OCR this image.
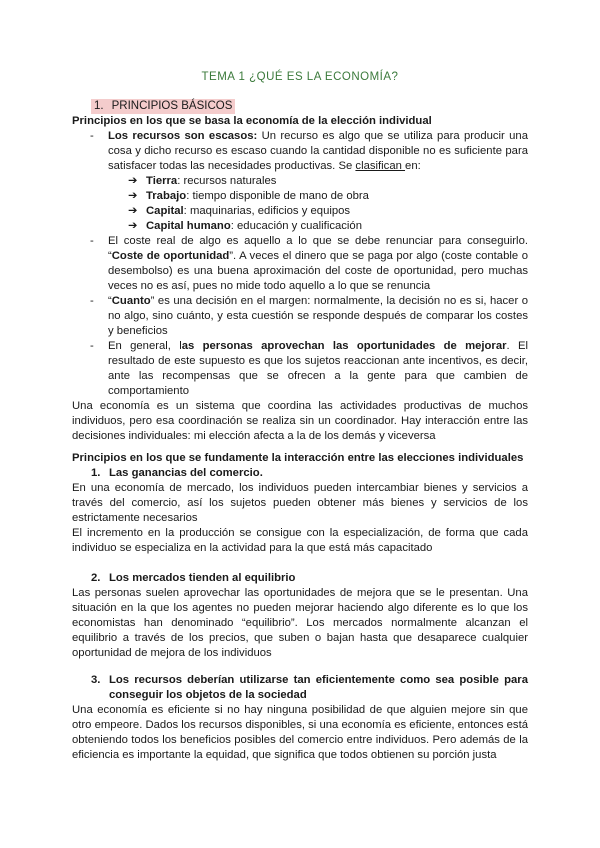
TEMA 1 ¿QUÉ ES LA ECONOMÍA?
1. PRINCIPIOS BÁSICOS
Principios en los que se basa la economía de la elección individual
- Los recursos son escasos: Un recurso es algo que se utiliza para producir una
cosa y dicho recurso es escaso cuando la cantidad disponible no es suficiente para
satisfacer todas las necesidades productivas. Se clasifican en:
➔ Tierra: recursos naturales
➔ Trabajo: tiempo disponible de mano de obra
➔ Capital: maquinarias, edificios y equipos
➔ Capital humano: educación y cualificación
- El coste real de algo es aquello a lo que se debe renunciar para conseguirlo. “Coste de oportunidad”. A veces el dinero que se paga por algo (coste contable o desembolso) es una buena aproximación del coste de oportunidad, pero muchas veces no es así, pues no mide todo aquello a lo que se renuncia
- “Cuanto” es una decisión en el margen: normalmente, la decisión no es si, hacer o no algo, sino cuánto, y esta cuestión se responde después de comparar los costes y beneficios
- En general, las personas aprovechan las oportunidades de mejorar. El resultado de este supuesto es que los sujetos reaccionan ante incentivos, es decir, ante las recompensas que se ofrecen a la gente para que cambien de comportamiento
Una economía es un sistema que coordina las actividades productivas de muchos individuos, pero esa coordinación se realiza sin un coordinador. Hay interacción entre las decisiones individuales: mi elección afecta a la de los demás y viceversa
Principios en los que se fundamente la interacción entre las elecciones individuales
1. Las ganancias del comercio.
En una economía de mercado, los individuos pueden intercambiar bienes y servicios a través del comercio, así los sujetos pueden obtener más bienes y servicios de los estrictamente necesarios
El incremento en la producción se consigue con la especialización, de forma que cada individuo se especializa en la actividad para la que está más capacitado
2. Los mercados tienden al equilibrio
Las personas suelen aprovechar las oportunidades de mejora que se le presentan. Una situación en la que los agentes no pueden mejorar haciendo algo diferente es lo que los economistas han denominado “equilibrio”. Los mercados normalmente alcanzan el equilibrio a través de los precios, que suben o bajan hasta que desaparece cualquier oportunidad de mejora de los individuos
3. Los recursos deberían utilizarse tan eficientemente como sea posible para
conseguir los objetos de la sociedad
Una economía es eficiente si no hay ninguna posibilidad de que alguien mejore sin que otro empeore. Dados los recursos disponibles, si una economía es eficiente, entonces está obteniendo todos los beneficios posibles del comercio entre individuos. Pero además de la eficiencia es importante la equidad, que significa que todos obtienen su porción justa
